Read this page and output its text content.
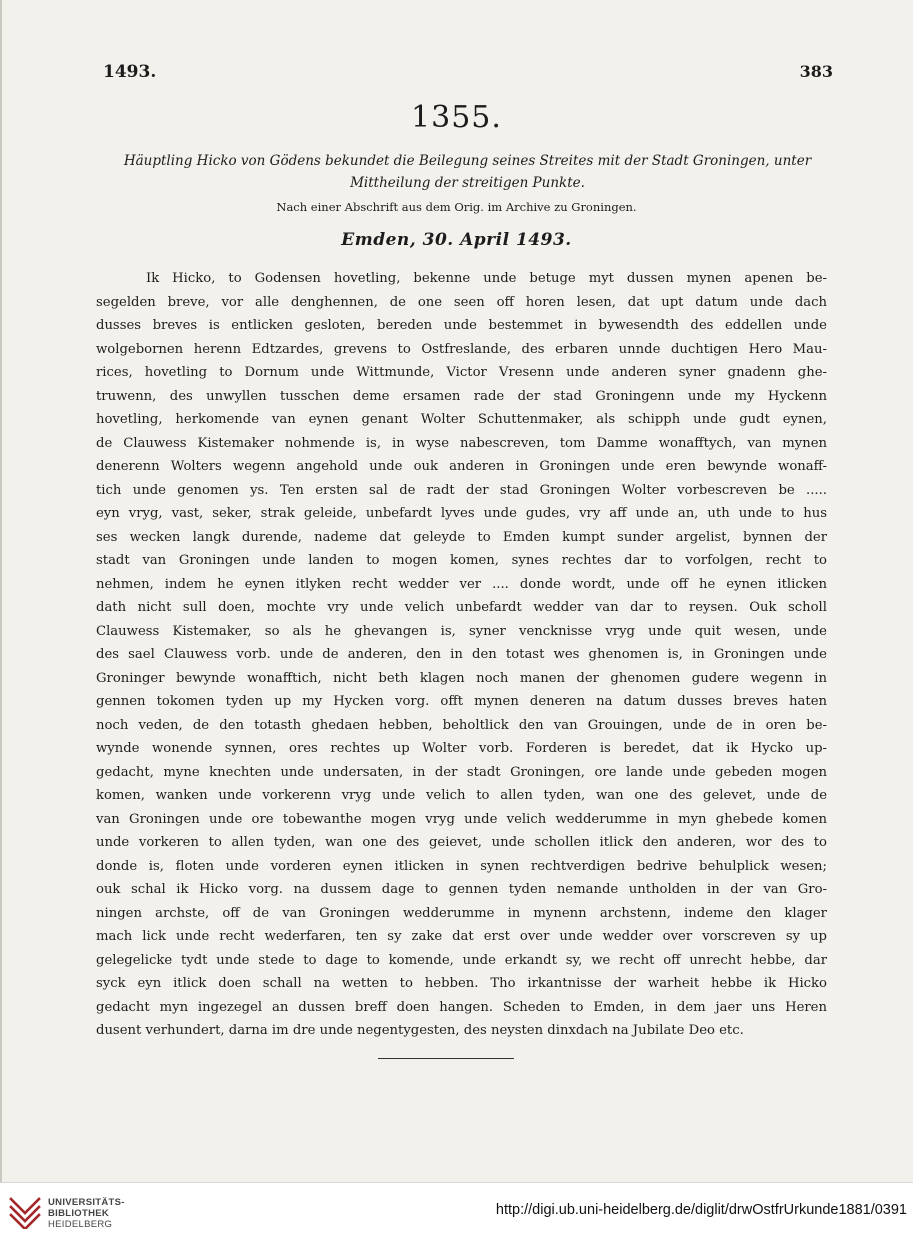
1493.	383
1355.
Häuptling Hicko von Gödens bekundet die Beilegung seines Streites mit der Stadt Groningen, unter Mittheilung der streitigen Punkte.
Nach einer Abschrift aus dem Orig. im Archive zu Groningen.
Emden, 30. April 1493.
Ik Hicko, to Godensen hovetling, bekenne unde betuge myt dussen mynen apenen be-
segelden breve, vor alle denghennen, de one seen off horen lesen, dat upt datum unde dach
dusses breves is entlicken gesloten, bereden unde bestemmet in bywesendth des eddellen unde
wolgebornen herenn Edtzardes, grevens to Ostfreslande, des erbaren unnde duchtigen Hero Mau-
rices, hovetling to Dornum unde Wittmunde, Victor Vresenn unde anderen syner gnadenn ghe-
truwenn, des unwyllen tusschen deme ersamen rade der stad Groningenn unde my Hyckenn
hovetling, herkomende van eynen genant Wolter Schuttenmaker, als schipph unde gudt eynen,
de Clauwess Kistemaker nohmende is, in wyse nabescreven, tom Damme wonafftych, van mynen
denerenn Wolters wegenn angehold unde ouk anderen in Groningen unde eren bewynde wonaff-
tich unde genomen ys. Ten ersten sal de radt der stad Groningen Wolter vorbescreven be .....
eyn vryg, vast, seker, strak geleide, unbefardt lyves unde gudes, vry aff unde an, uth unde to hus
ses wecken langk durende, nademe dat geleyde to Emden kumpt sunder argelist, bynnen der
stadt van Groningen unde landen to mogen komen, synes rechtes dar to vorfolgen, recht to
nehmen, indem he eynen itlyken recht wedder ver .... donde wordt, unde off he eynen itlicken
dath nicht sull doen, mochte vry unde velich unbefardt wedder van dar to reysen. Ouk scholl
Clauwess Kistemaker, so als he ghevangen is, syner vencknisse vryg unde quit wesen, unde
des sael Clauwess vorb. unde de anderen, den in den totast wes ghenomen is, in Groningen unde
Groninger bewynde wonafftich, nicht beth klagen noch manen der ghenomen gudere wegenn in
gennen tokomen tyden up my Hycken vorg. offt mynen deneren na datum dusses breves haten
noch veden, de den totasth ghedaen hebben, beholtlick den van Grouingen, unde de in oren be-
wynde wonende synnen, ores rechtes up Wolter vorb. Forderen is beredet, dat ik Hycko up-
gedacht, myne knechten unde undersaten, in der stadt Groningen, ore lande unde gebeden mogen
komen, wanken unde vorkerenn vryg unde velich to allen tyden, wan one des gelevet, unde de
van Groningen unde ore tobewanthe mogen vryg unde velich wedderumme in myn ghebede komen
unde vorkeren to allen tyden, wan one des geievet, unde schollen itlick den anderen, wor des to
donde is, floten unde vorderen eynen itlicken in synen rechtverdigen bedrive behulplick wesen;
ouk schal ik Hicko vorg. na dussem dage to gennen tyden nemande untholden in der van Gro-
ningen archste, off de van Groningen wedderumme in mynenn archstenn, indeme den klager
mach lick unde recht wederfaren, ten sy zake dat erst over unde wedder over vorscreven sy up
gelegelicke tydt unde stede to dage to komende, unde erkandt sy, we recht off unrecht hebbe, dar
syck eyn itlick doen schall na wetten to hebben. Tho irkantnisse der warheit hebbe ik Hicko
gedacht myn ingezegel an dussen breff doen hangen. Scheden to Emden, in dem jaer uns Heren
dusent verhundert, darna im dre unde negentygesten, des neysten dinxdach na Jubilate Deo etc.
UNIVERSITÄTS-
BIBLIOTHEK
HEIDELBERG
http://digi.ub.uni-heidelberg.de/diglit/drwOstfrUrkunde1881/0391
